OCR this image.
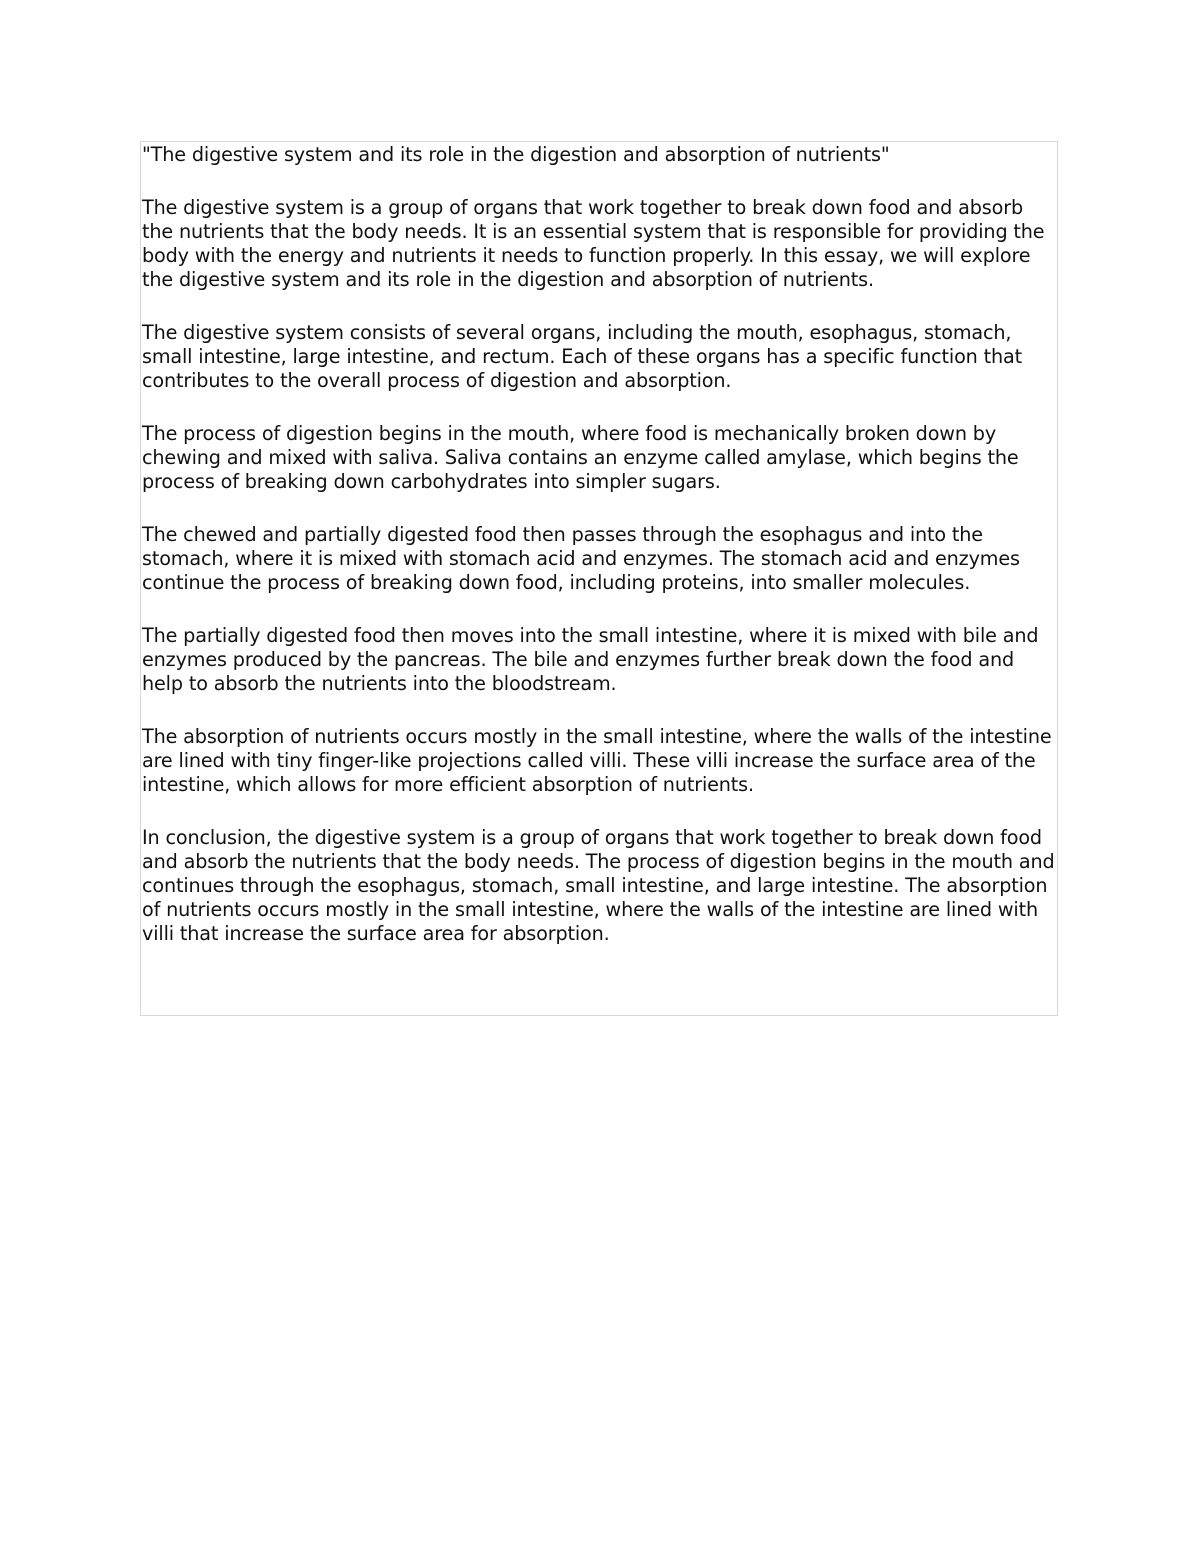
"The digestive system and its role in the digestion and absorption of nutrients"

The digestive system is a group of organs that work together to break down food and absorb the nutrients that the body needs. It is an essential system that is responsible for providing the body with the energy and nutrients it needs to function properly. In this essay, we will explore the digestive system and its role in the digestion and absorption of nutrients.

The digestive system consists of several organs, including the mouth, esophagus, stomach, small intestine, large intestine, and rectum. Each of these organs has a specific function that contributes to the overall process of digestion and absorption.

The process of digestion begins in the mouth, where food is mechanically broken down by chewing and mixed with saliva. Saliva contains an enzyme called amylase, which begins the process of breaking down carbohydrates into simpler sugars.

The chewed and partially digested food then passes through the esophagus and into the stomach, where it is mixed with stomach acid and enzymes. The stomach acid and enzymes continue the process of breaking down food, including proteins, into smaller molecules.

The partially digested food then moves into the small intestine, where it is mixed with bile and enzymes produced by the pancreas. The bile and enzymes further break down the food and help to absorb the nutrients into the bloodstream.

The absorption of nutrients occurs mostly in the small intestine, where the walls of the intestine are lined with tiny finger-like projections called villi. These villi increase the surface area of the intestine, which allows for more efficient absorption of nutrients.

In conclusion, the digestive system is a group of organs that work together to break down food and absorb the nutrients that the body needs. The process of digestion begins in the mouth and continues through the esophagus, stomach, small intestine, and large intestine. The absorption of nutrients occurs mostly in the small intestine, where the walls of the intestine are lined with villi that increase the surface area for absorption.
